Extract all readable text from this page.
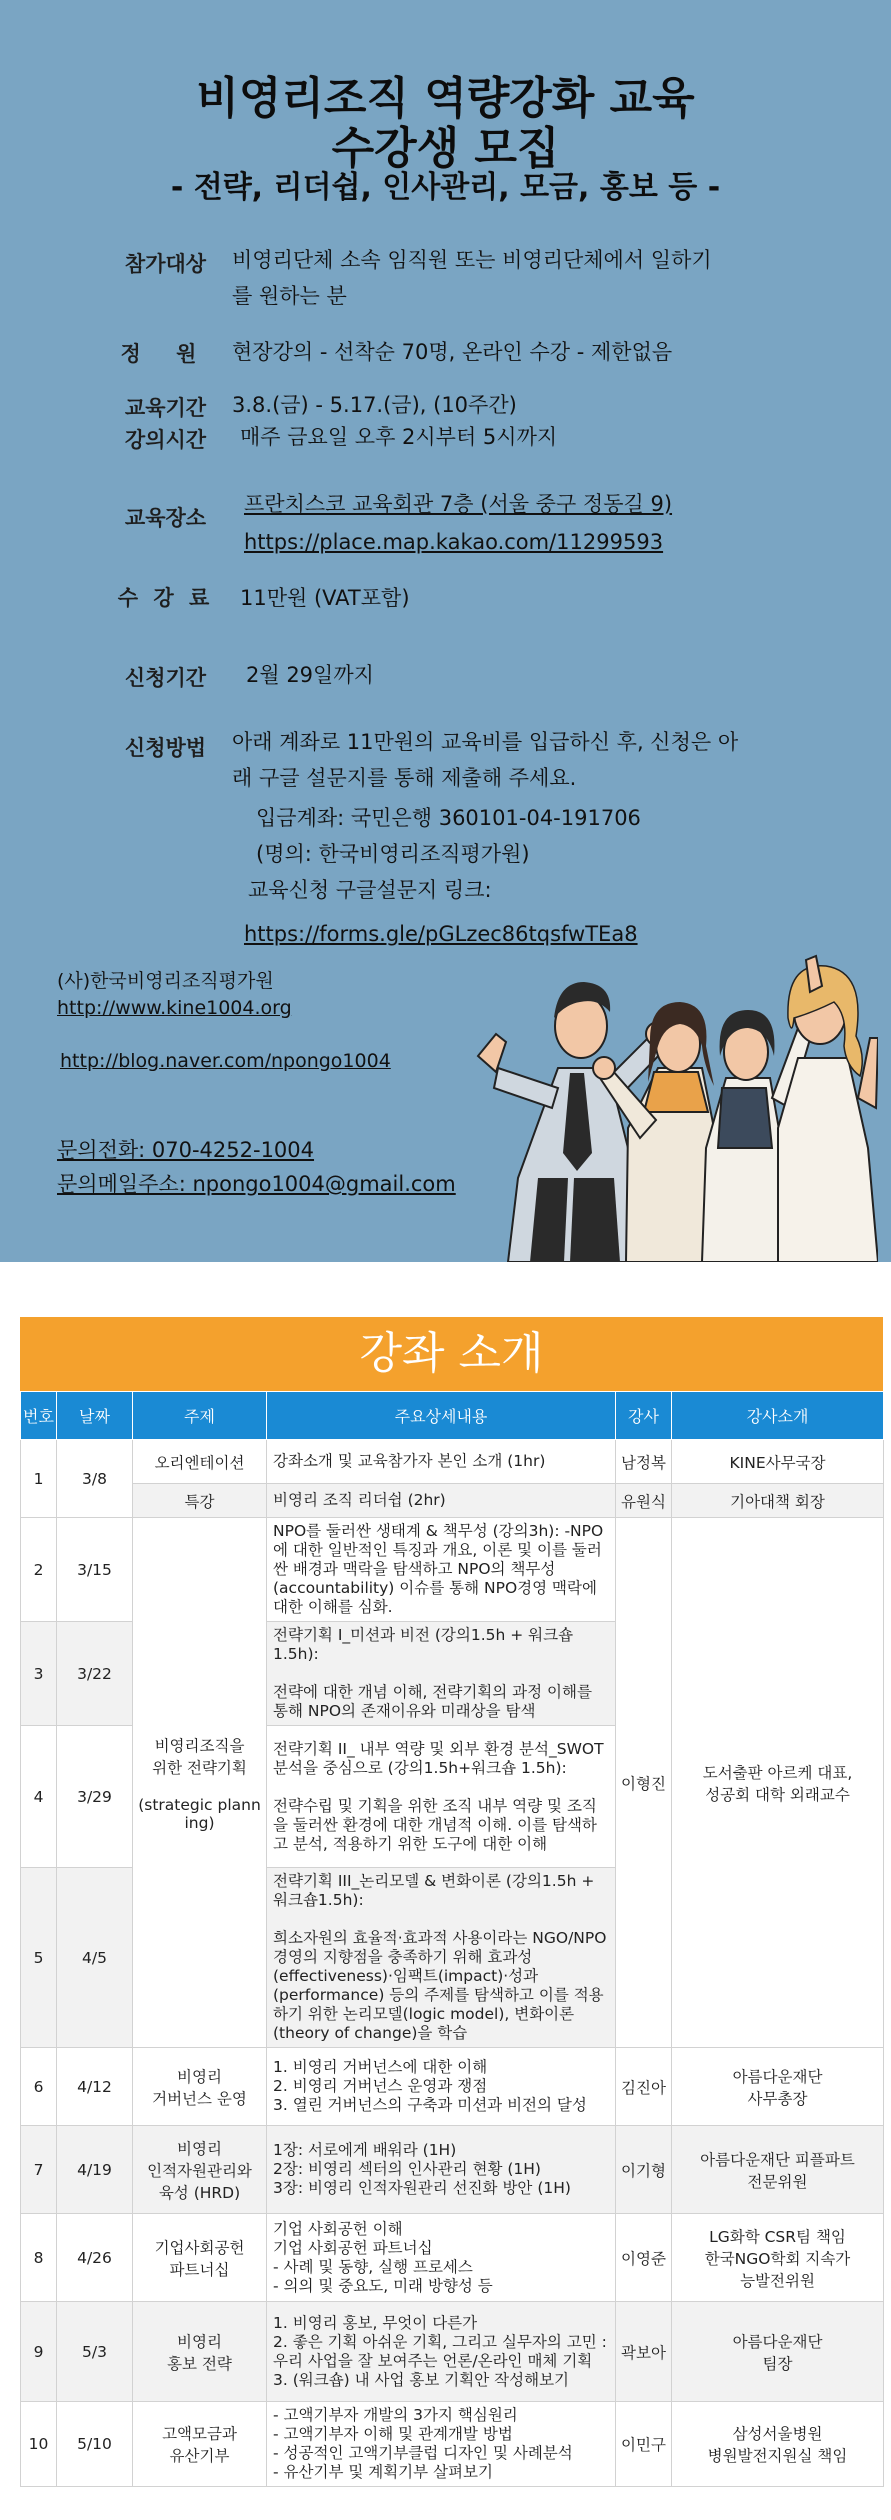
비영리조직 역량강화 교육
수강생 모집
- 전략, 리더쉽, 인사관리, 모금, 홍보 등 -
참가대상	비영리단체 소속 임직원 또는 비영리단체에서 일하기
를 원하는 분
정 원	현장강의 - 선착순 70명, 온라인 수강 - 제한없음
교육기간	3.8.(금) - 5.17.(금), (10주간)
강의시간	매주 금요일 오후 2시부터 5시까지
교육장소
프란치스코 교육회관 7층 (서울 중구 정동길 9)
https://place.map.kakao.com/11299593
수 강 료	11만원 (VAT포함)
신청기간	2월 29일까지
신청방법	아래 계좌로 11만원의 교육비를 입급하신 후, 신청은 아
래 구글 설문지를 통해 제출해 주세요.
입금계좌: 국민은행 360101-04-191706
(명의: 한국비영리조직평가원)
교육신청 구글설문지 링크:
https://forms.gle/pGLzec86tqsfwTEa8
(사)한국비영리조직평가원
http://www.kine1004.org
http://blog.naver.com/npongo1004
문의전화: 070-4252-1004
문의메일주소: npongo1004@gmail.com
강좌 소개
번호	날짜	주제	주요상세내용	강사	강사소개
1	3/8	오리엔테이션	강좌소개 및 교육참가자 본인 소개 (1hr)	남정복	KINE사무국장
		특강	비영리 조직 리더쉽 (2hr)	유원식	기아대책 회장
2	3/15	비영리조직을
위한 전략기획

(strategic plann
ing)	NPO를 둘러싼 생태계 & 책무성 (강의3h): -NPO에 대한 일반적인 특징과 개요, 이론 및 이를 둘러싼 배경과 맥락을 탐색하고 NPO의 책무성(accountability) 이슈를 통해 NPO경영 맥락에 대한 이해를 심화.	이형진	도서출판 아르케 대표,
성공회 대학 외래교수
3	3/22		전략기획 I_미션과 비전 (강의1.5h + 워크숍 1.5h):

전략에 대한 개념 이해, 전략기획의 과정 이해를 통해 NPO의 존재이유와 미래상을 탐색		
4	3/29		전략기획 II_ 내부 역량 및 외부 환경 분석_SWOT분석을 중심으로 (강의1.5h+워크숍 1.5h):

전략수립 및 기획을 위한 조직 내부 역량 및 조직을 둘러싼 환경에 대한 개념적 이해. 이를 탐색하고 분석, 적용하기 위한 도구에 대한 이해		
5	4/5		전략기획 III_논리모델 & 변화이론 (강의1.5h + 워크숍1.5h):

희소자원의 효율적·효과적 사용이라는 NGO/NPO경영의 지향점을 충족하기 위해 효과성(effectiveness)·임팩트(impact)·성과(performance) 등의 주제를 탐색하고 이를 적용하기 위한 논리모델(logic model), 변화이론(theory of change)을 학습		
6	4/12	비영리
거버넌스 운영	1. 비영리 거버넌스에 대한 이해
2. 비영리 거버넌스 운영과 쟁점
3. 열린 거버넌스의 구축과 미션과 비전의 달성	김진아	아름다운재단
사무총장
7	4/19	비영리
인적자원관리와
육성 (HRD)	1장: 서로에게 배워라 (1H)
2장: 비영리 섹터의 인사관리 현황 (1H)
3장: 비영리 인적자원관리 선진화 방안 (1H)	이기형	아름다운재단 피플파트
전문위원
8	4/26	기업사회공헌
파트너십	기업 사회공헌 이해
기업 사회공헌 파트너십
- 사례 및 동향, 실행 프로세스
- 의의 및 중요도, 미래 방향성 등	이영준	LG화학 CSR팀 책임
한국NGO학회 지속가
능발전위원
9	5/3	비영리
홍보 전략	1. 비영리 홍보, 무엇이 다른가
2. 좋은 기획 아쉬운 기획, 그리고 실무자의 고민 : 우리 사업을 잘 보여주는 언론/온라인 매체 기획
3. (워크숍) 내 사업 홍보 기획안 작성해보기	곽보아	아름다운재단
팀장
10	5/10	고액모금과
유산기부	- 고액기부자 개발의 3가지 핵심원리
- 고액기부자 이해 및 관계개발 방법
- 성공적인 고액기부클럽 디자인 및 사례분석
- 유산기부 및 계획기부 살펴보기	이민구	삼성서울병원
병원발전지원실 책임
